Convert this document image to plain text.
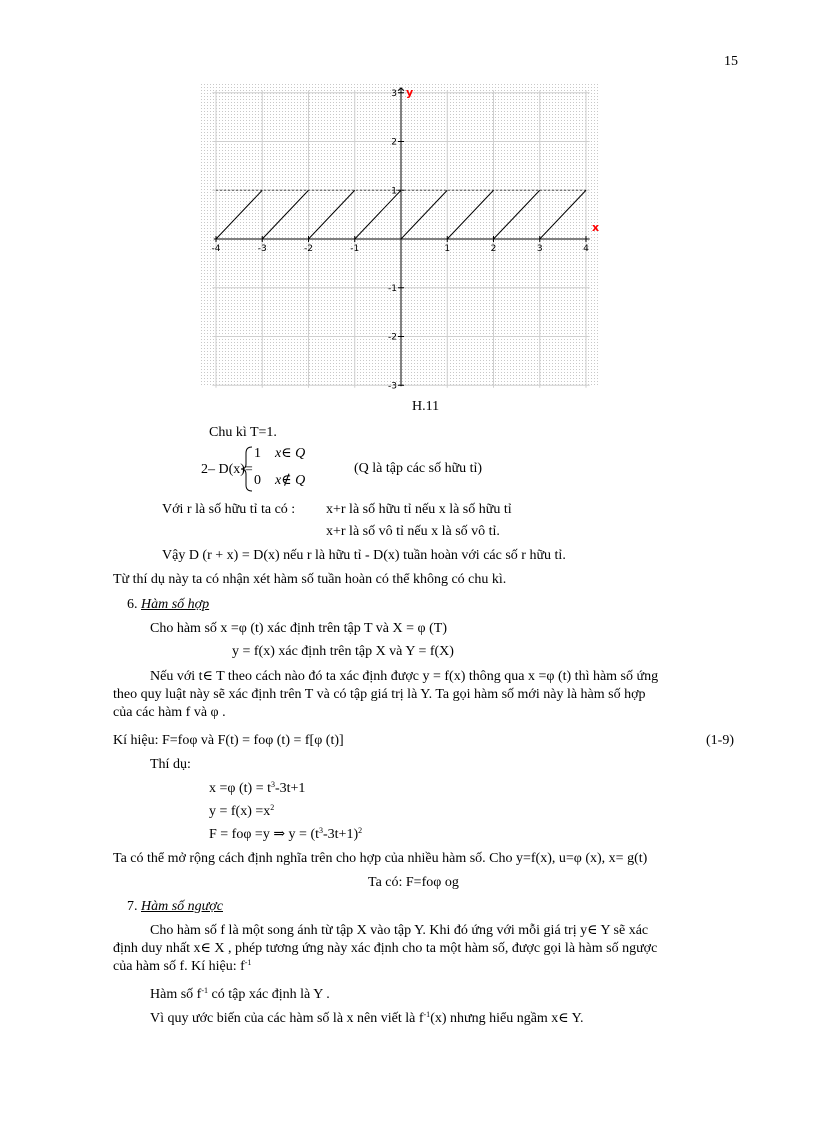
15
-4	-3	-2	-1	1	2	3	4
3
2
1
-1
-2
-3
x
y
H.11
Chu kì T=1.
2– D(x)=
1 x∈ Q
0 x∉ Q
(Q là tập các số hữu tỉ)
Với r là số hữu tỉ ta có : x+r là số hữu tỉ nếu x là số hữu tỉ
x+r là số vô tỉ nếu x là số vô tỉ.
Vậy D (r + x) = D(x) nếu r là hữu tỉ - D(x) tuần hoàn với các số r hữu tỉ.
Từ thí dụ này ta có nhận xét hàm số tuần hoàn có thể không có chu kì.
6. Hàm số hợp
Cho hàm số x =φ (t) xác định trên tập T và X = φ (T)
y = f(x) xác định trên tập X và Y = f(X)
Nếu với t∈ T theo cách nào đó ta xác định được y = f(x) thông qua x =φ (t) thì hàm số ứng
theo quy luật này sẽ xác định trên T và có tập giá trị là Y. Ta gọi hàm số mới này là hàm số hợp
của các hàm f và φ .
Kí hiệu: F=foφ và F(t) = foφ (t) = f[φ (t)]	(1-9)
Thí dụ:
x =φ $(t) = t^3-3t+1$
$y = f(x) =x^2$
F = foφ =y ⇒ $y = (t^3-3t+1)^2$
Ta có thể mở rộng cách định nghĩa trên cho hợp của nhiều hàm số. Cho y=f(x), u=φ (x), x= g(t)
Ta có: F=foφ og
7. Hàm số ngược
Cho hàm số f là một song ánh từ tập X vào tập Y. Khi đó ứng với mỗi giá trị y∈ Y sẽ xác
định duy nhất x∈ X , phép tương ứng này xác định cho ta một hàm số, được gọi là hàm số ngược
của hàm số f. Kí hiệu: $f^{-1}$
Hàm số $f^{-1}$ có tập xác định là Y .
Vì quy ước biến của các hàm số là x nên viết là $f^{-1}(x)$ nhưng hiểu ngầm x∈ Y.
